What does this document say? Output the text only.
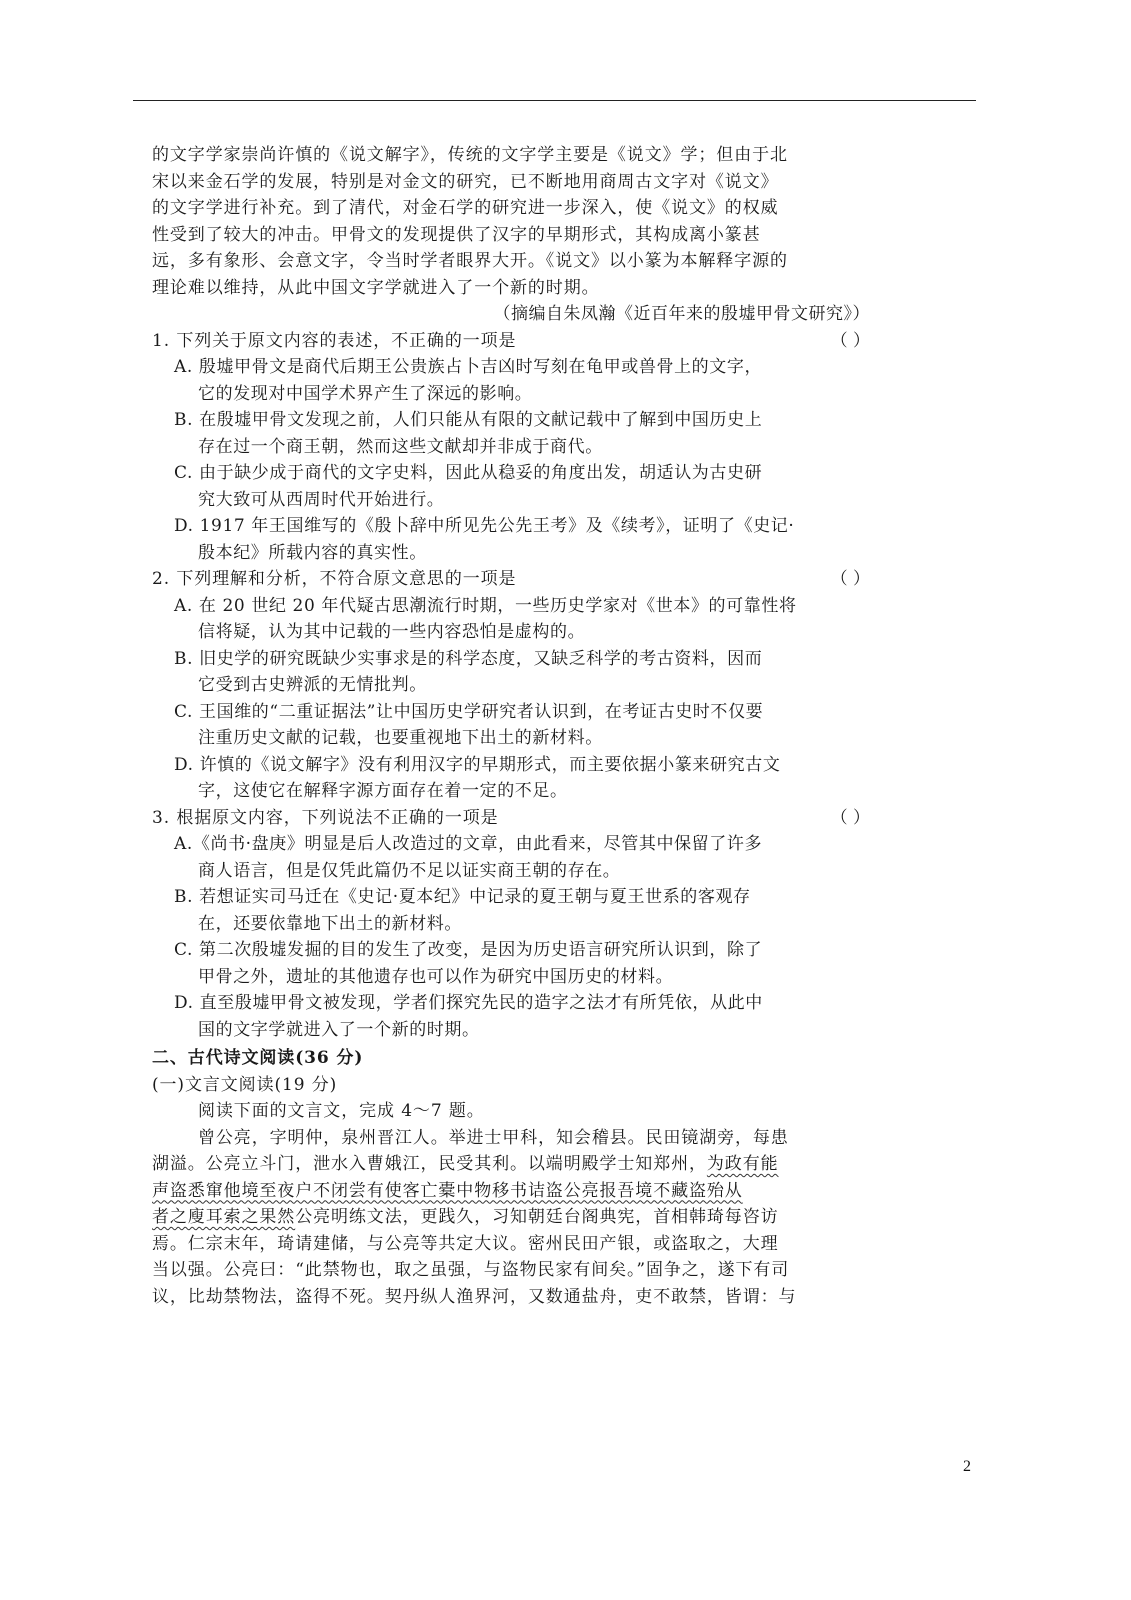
的文字学家崇尚许慎的《说文解字》，传统的文字学主要是《说文》学；但由于北
宋以来金石学的发展，特别是对金文的研究，已不断地用商周古文字对《说文》
的文字学进行补充。到了清代，对金石学的研究进一步深入，使《说文》的权威
性受到了较大的冲击。甲骨文的发现提供了汉字的早期形式，其构成离小篆甚
远，多有象形、会意文字，令当时学者眼界大开。《说文》以小篆为本解释字源的
理论难以维持，从此中国文字学就进入了一个新的时期。
（摘编自朱凤瀚《近百年来的殷墟甲骨文研究》）
1. 下列关于原文内容的表述，不正确的一项是	（ ）
A. 殷墟甲骨文是商代后期王公贵族占卜吉凶时写刻在龟甲或兽骨上的文字，
它的发现对中国学术界产生了深远的影响。
B. 在殷墟甲骨文发现之前，人们只能从有限的文献记载中了解到中国历史上
存在过一个商王朝，然而这些文献却并非成于商代。
C. 由于缺少成于商代的文字史料，因此从稳妥的角度出发，胡适认为古史研
究大致可从西周时代开始进行。
D. 1917 年王国维写的《殷卜辞中所见先公先王考》及《续考》，证明了《史记·
殷本纪》所载内容的真实性。
2. 下列理解和分析，不符合原文意思的一项是	（ ）
A. 在 20 世纪 20 年代疑古思潮流行时期，一些历史学家对《世本》的可靠性将
信将疑，认为其中记载的一些内容恐怕是虚构的。
B. 旧史学的研究既缺少实事求是的科学态度，又缺乏科学的考古资料，因而
它受到古史辨派的无情批判。
C. 王国维的“二重证据法”让中国历史学研究者认识到，在考证古史时不仅要
注重历史文献的记载，也要重视地下出土的新材料。
D. 许慎的《说文解字》没有利用汉字的早期形式，而主要依据小篆来研究古文
字，这使它在解释字源方面存在着一定的不足。
3. 根据原文内容，下列说法不正确的一项是	（ ）
A.《尚书·盘庚》明显是后人改造过的文章，由此看来，尽管其中保留了许多
商人语言，但是仅凭此篇仍不足以证实商王朝的存在。
B. 若想证实司马迁在《史记·夏本纪》中记录的夏王朝与夏王世系的客观存
在，还要依靠地下出土的新材料。
C. 第二次殷墟发掘的目的发生了改变，是因为历史语言研究所认识到，除了
甲骨之外，遗址的其他遗存也可以作为研究中国历史的材料。
D. 直至殷墟甲骨文被发现，学者们探究先民的造字之法才有所凭依，从此中
国的文字学就进入了一个新的时期。
二、古代诗文阅读(36 分)
(一)文言文阅读(19 分)
阅读下面的文言文，完成 4～7 题。
曾公亮，字明仲，泉州晋江人。举进士甲科，知会稽县。民田镜湖旁，每患
湖溢。公亮立斗门，泄水入曹娥江，民受其利。以端明殿学士知郑州，为政有能
声盗悉窜他境至夜户不闭尝有使客亡橐中物移书诘盗公亮报吾境不藏盗殆从
者之廋耳索之果然公亮明练文法，更践久，习知朝廷台阁典宪，首相韩琦每咨访
焉。仁宗末年，琦请建储，与公亮等共定大议。密州民田产银，或盗取之，大理
当以强。公亮曰：“此禁物也，取之虽强，与盗物民家有间矣。”固争之，遂下有司
议，比劫禁物法，盗得不死。契丹纵人渔界河，又数通盐舟，吏不敢禁，皆谓：与
2
